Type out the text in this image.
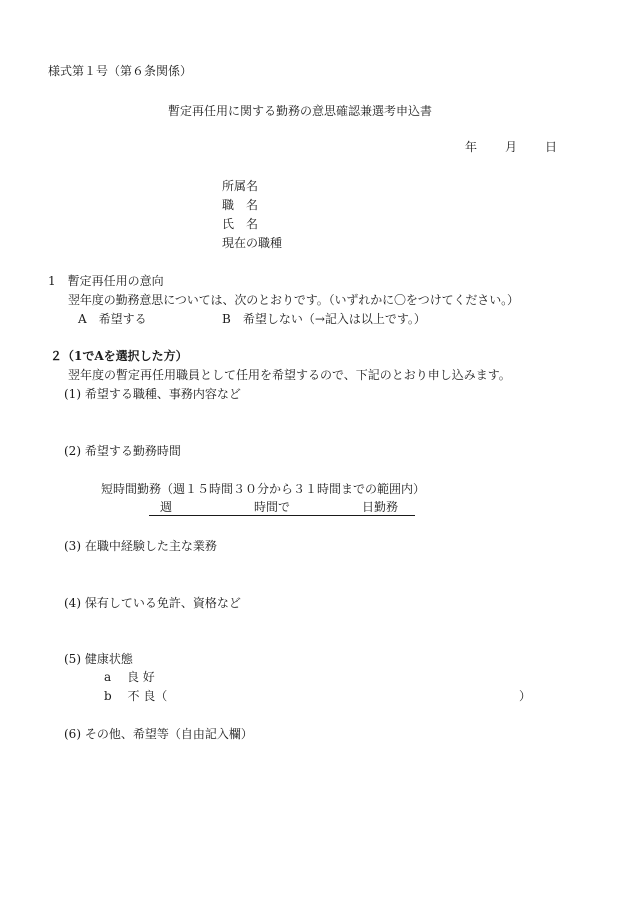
様式第１号（第６条関係）
暫定再任用に関する勤務の意思確認兼選考申込書
年 月 日
所属名
職　名
氏　名
現在の職種
1　暫定再任用の意向
翌年度の勤務意思については、次のとおりです。（いずれかに〇をつけてください。）
A　希望する	B　希望しない（→記入は以上です。）
２ （1でAを選択した方）
翌年度の暫定再任用職員として任用を希望するので、下記のとおり申し込みます。
(1) 希望する職種、事務内容など
(2) 希望する勤務時間
短時間勤務（週１５時間３０分から３１時間までの範囲内）
週	時間で	日勤務
(3) 在職中経験した主な業務
(4) 保有している免許、資格など
(5) 健康状態
a　 良 好
b　 不 良（	）
(6) その他、希望等（自由記入欄）
